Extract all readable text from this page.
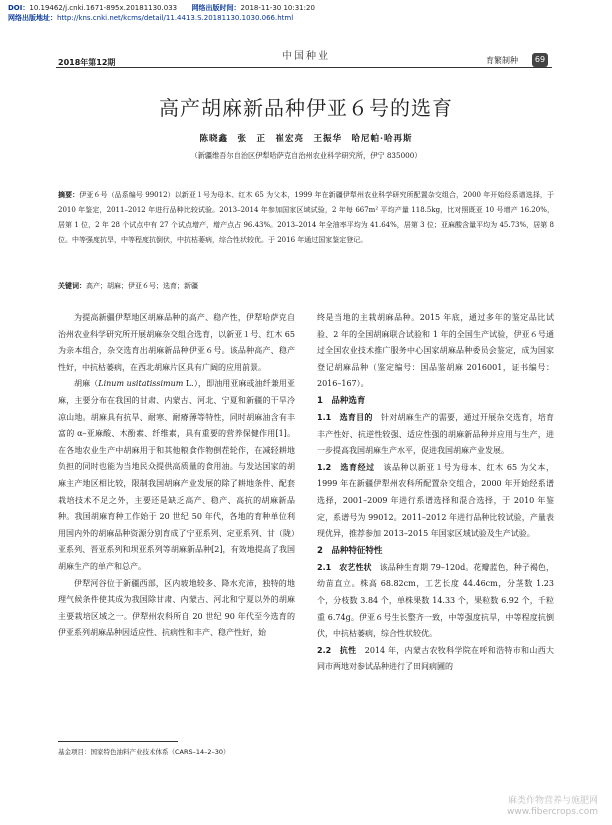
DOI：10.19462/j.cnki.1671-895x.20181130.033 网络出版时间：2018-11-30 10:31:20
网络出版地址：http://kns.cnki.net/kcms/detail/11.4413.S.20181130.1030.066.html
中国种业
2018年第12期	育繁制种	69
高产胡麻新品种伊亚６号的选育
陈晓鑫　张　正　崔宏亮　王振华　哈尼帕·哈再斯
（新疆维吾尔自治区伊犁哈萨克自治州农业科学研究所，伊宁 835000）
摘要：伊亚６号（品系编号 99012）以新亚１号为母本、红木 65 为父本，1999 年在新疆伊犁州农业科学研究所配置杂交组合，2000 年开始经系谱选择，于 2010 年鉴定，2011–2012 年进行品种比较试验。2013–2014 年参加国家区域试验，2 年每 667m² 平均产量 118.5kg，比对照既亚 10 号增产 16.20%，居第 1 位，2 年 28 个试点中有 27 个试点增产，增产点占 96.43%。2013–2014 年全油率平均为 41.64%，居第 3 位；亚麻酸含量平均为 45.73%，居第 8 位。中等强度抗旱，中等程度抗倒伏，中抗枯萎病，综合性状较优。于 2016 年通过国家鉴定登记。
关键词：高产；胡麻；伊亚６号；选育；新疆

为提高新疆伊犁地区胡麻品种的高产、稳产性，伊犁哈萨克自治州农业科学研究所开展胡麻杂交组合选育，以新亚１号、红木 65 为亲本组合，杂交选育出胡麻新品种伊亚６号。该品种高产、稳产性好，中抗枯萎病，在西北胡麻片区具有广阔的应用前景。

胡麻（Linum usitatissimum L.），即油用亚麻或油纤兼用亚麻，主要分布在我国的甘肃、内蒙古、河北、宁夏和新疆的干旱冷凉山地。胡麻具有抗旱、耐寒、耐瘠薄等特性，同时胡麻油含有丰富的 α–亚麻酸、木酚素、纤维素，具有重要的营养保健作用[1]。在各地农业生产中胡麻用于和其他粮食作物倒茬轮作，在减轻耕地负担的同时也能为当地民众提供高质量的食用油。与发达国家的胡麻主产地区相比较，限制我国胡麻产业发展的除了耕地条件、配套栽培技术不足之外，主要还是缺乏高产、稳产、高抗的胡麻新品种。我国胡麻育种工作始于 20 世纪 50 年代，各地的育种单位利用国内外的胡麻品种资源分别育成了宁亚系列、定亚系列、甘（陇）亚系列、晋亚系列和坝亚系列等胡麻新品种[2]，有效地提高了我国胡麻生产的单产和总产。

伊犁河谷位于新疆西部，区内坡地较多、降水充沛，独特的地理气候条件使其成为我国除甘肃、内蒙古、河北和宁夏以外的胡麻主要栽培区域之一。伊犁州农科所自 20 世纪 90 年代至今选育的伊亚系列胡麻品种因适应性、抗病性和丰产、稳产性好，始

终是当地的主栽胡麻品种。2015 年底，通过多年的鉴定品比试验、2 年的全国胡麻联合试验和 1 年的全国生产试验，伊亚６号通过全国农业技术推广服务中心国家胡麻品种委员会鉴定，成为国家登记胡麻品种（鉴定编号：国品鉴胡麻 2016001，证书编号：2016–167）。

1　品种选育

1.1　选育目的　针对胡麻生产的需要，通过开展杂交选育，培育丰产性好、抗逆性较强、适应性强的胡麻新品种并应用与生产，进一步提高我国胡麻生产水平，促进我国胡麻产业发展。

1.2　选育经过　该品种以新亚１号为母本、红木 65 为父本，1999 年在新疆伊犁州农科所配置杂交组合，2000 年开始经系谱选择，2001–2009 年进行系谱选择和混合选择，于 2010 年鉴定，系谱号为 99012。2011–2012 年进行品种比较试验，产量表现优异，推荐参加 2013–2015 年国家区域试验及生产试验。

2　品种特征特性

2.1　农艺性状　该品种生育期 79–120d。花瓣蓝色，种子褐色，幼苗直立。株高 68.82cm，工艺长度 44.46cm，分茎数 1.23 个，分枝数 3.84 个，单株果数 14.33 个，果粒数 6.92 个，千粒重 6.74g。伊亚６号生长整齐一致，中等强度抗旱，中等程度抗倒伏，中抗枯萎病，综合性状较优。

2.2　抗性　2014 年，内蒙古农牧科学院在呼和浩特市和山西大同市两地对参试品种进行了田间病圃的

基金项目：国家特色油料产业技术体系（CARS–14–2–30）
麻类作物营养与施肥网
www.fibercrops.com
